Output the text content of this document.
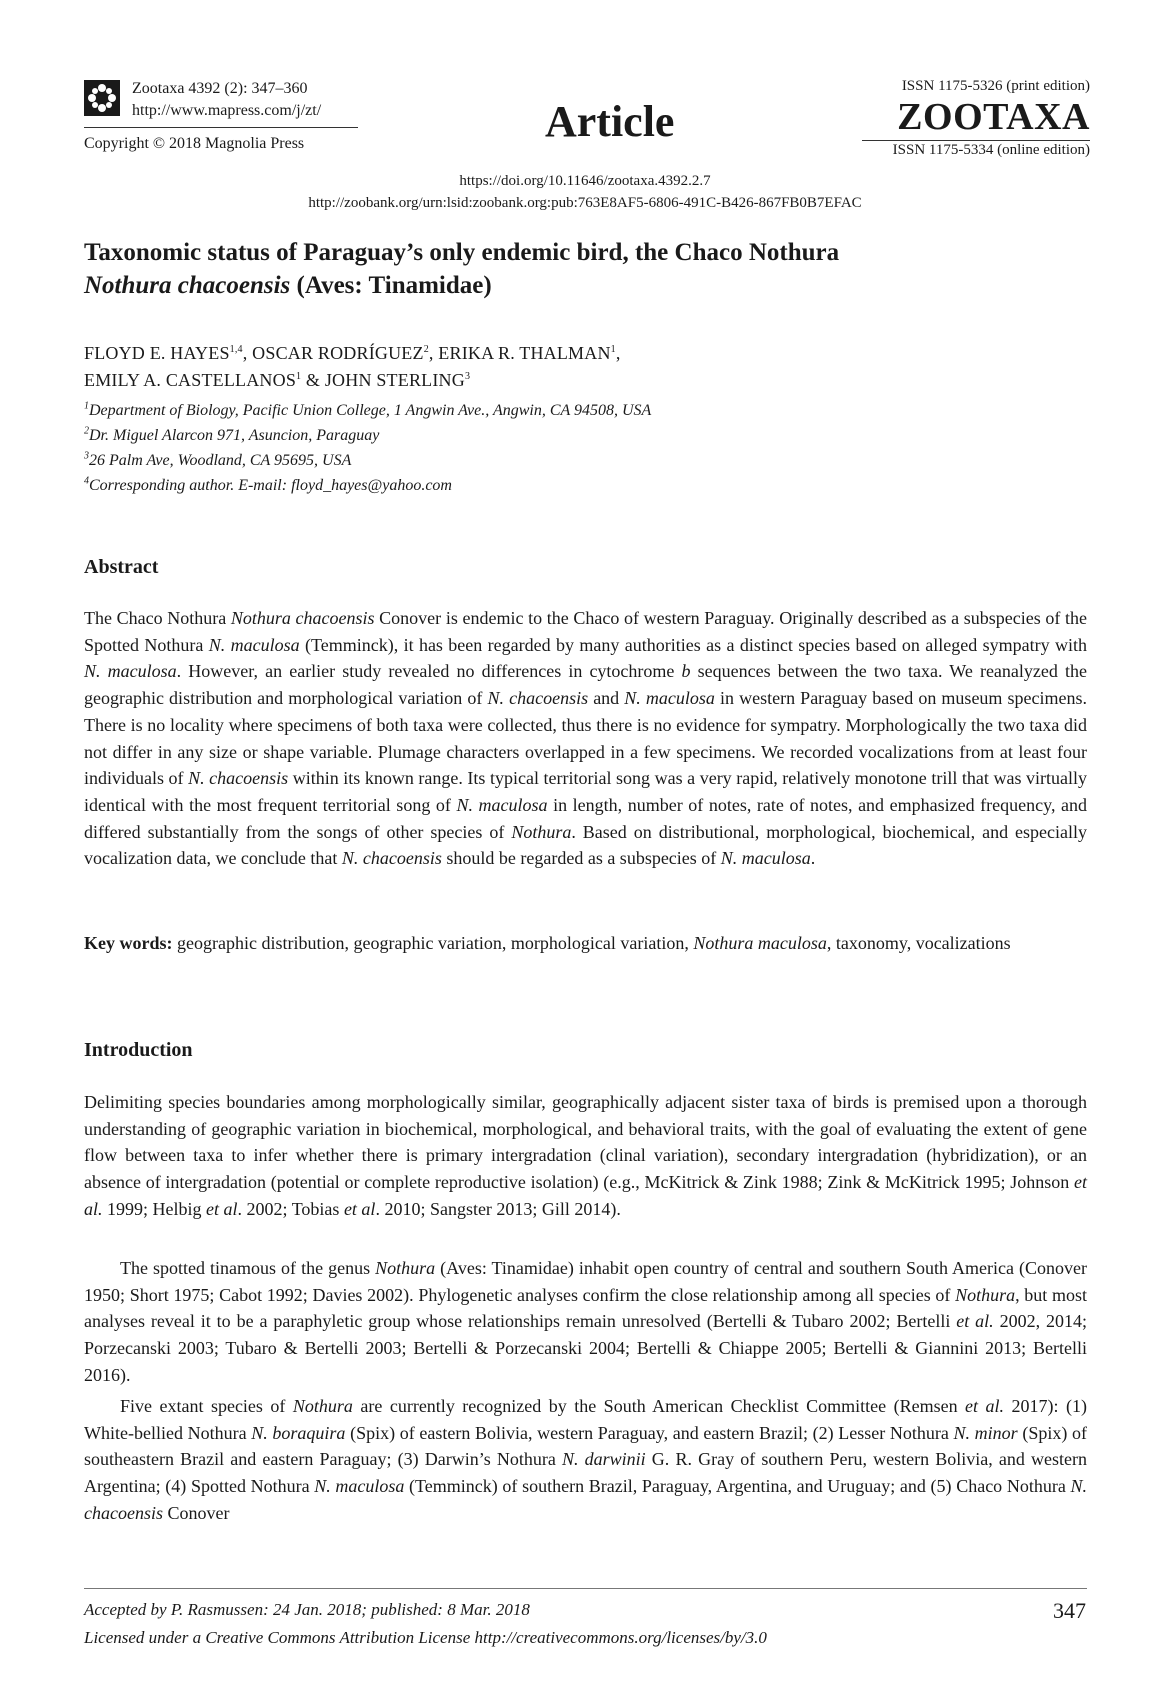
Zootaxa 4392 (2): 347–360
http://www.mapress.com/j/zt/
Copyright © 2018 Magnolia Press	Article
ISSN 1175-5326 (print edition)
ZOOTAXA
ISSN 1175-5334 (online edition)
https://doi.org/10.11646/zootaxa.4392.2.7
http://zoobank.org/urn:lsid:zoobank.org:pub:763E8AF5-6806-491C-B426-867FB0B7EFAC
Taxonomic status of Paraguay’s only endemic bird, the Chaco Nothura
Nothura chacoensis (Aves: Tinamidae)
FLOYD E. HAYES$^{1,4}$, OSCAR RODRÍGUEZ$^2$, ERIKA R. THALMAN$^1$,
EMILY A. CASTELLANOS$^1$ & JOHN STERLING$^3$
$^1$Department of Biology, Pacific Union College, 1 Angwin Ave., Angwin, CA 94508, USA
$^2$Dr. Miguel Alarcon 971, Asuncion, Paraguay
$^3$26 Palm Ave, Woodland, CA 95695, USA
$^4$Corresponding author. E-mail: floyd_hayes@yahoo.com
Abstract

The Chaco Nothura Nothura chacoensis Conover is endemic to the Chaco of western Paraguay. Originally described as a subspecies of the Spotted Nothura N. maculosa (Temminck), it has been regarded by many authorities as a distinct species based on alleged sympatry with N. maculosa. However, an earlier study revealed no differences in cytochrome b sequences between the two taxa. We reanalyzed the geographic distribution and morphological variation of N. chacoensis and N. maculosa in western Paraguay based on museum specimens. There is no locality where specimens of both taxa were collected, thus there is no evidence for sympatry. Morphologically the two taxa did not differ in any size or shape variable. Plumage characters overlapped in a few specimens. We recorded vocalizations from at least four individuals of N. chacoensis within its known range. Its typical territorial song was a very rapid, relatively monotone trill that was virtually identical with the most frequent territorial song of N. maculosa in length, number of notes, rate of notes, and emphasized frequency, and differed substantially from the songs of other species of Nothura. Based on distributional, morphological, biochemical, and especially vocalization data, we conclude that N. chacoensis should be regarded as a subspecies of N. maculosa.

Key words: geographic distribution, geographic variation, morphological variation, Nothura maculosa, taxonomy, vocalizations

Introduction

Delimiting species boundaries among morphologically similar, geographically adjacent sister taxa of birds is premised upon a thorough understanding of geographic variation in biochemical, morphological, and behavioral traits, with the goal of evaluating the extent of gene flow between taxa to infer whether there is primary intergradation (clinal variation), secondary intergradation (hybridization), or an absence of intergradation (potential or complete reproductive isolation) (e.g., McKitrick & Zink 1988; Zink & McKitrick 1995; Johnson et al. 1999; Helbig et al. 2002; Tobias et al. 2010; Sangster 2013; Gill 2014).

The spotted tinamous of the genus Nothura (Aves: Tinamidae) inhabit open country of central and southern South America (Conover 1950; Short 1975; Cabot 1992; Davies 2002). Phylogenetic analyses confirm the close relationship among all species of Nothura, but most analyses reveal it to be a paraphyletic group whose relationships remain unresolved (Bertelli & Tubaro 2002; Bertelli et al. 2002, 2014; Porzecanski 2003; Tubaro & Bertelli 2003; Bertelli & Porzecanski 2004; Bertelli & Chiappe 2005; Bertelli & Giannini 2013; Bertelli 2016).

Five extant species of Nothura are currently recognized by the South American Checklist Committee (Remsen et al. 2017): (1) White-bellied Nothura N. boraquira (Spix) of eastern Bolivia, western Paraguay, and eastern Brazil; (2) Lesser Nothura N. minor (Spix) of southeastern Brazil and eastern Paraguay; (3) Darwin’s Nothura N. darwinii G. R. Gray of southern Peru, western Bolivia, and western Argentina; (4) Spotted Nothura N. maculosa (Temminck) of southern Brazil, Paraguay, Argentina, and Uruguay; and (5) Chaco Nothura N. chacoensis Conover

Accepted by P. Rasmussen: 24 Jan. 2018; published: 8 Mar. 2018
Licensed under a Creative Commons Attribution License http://creativecommons.org/licenses/by/3.0
347
